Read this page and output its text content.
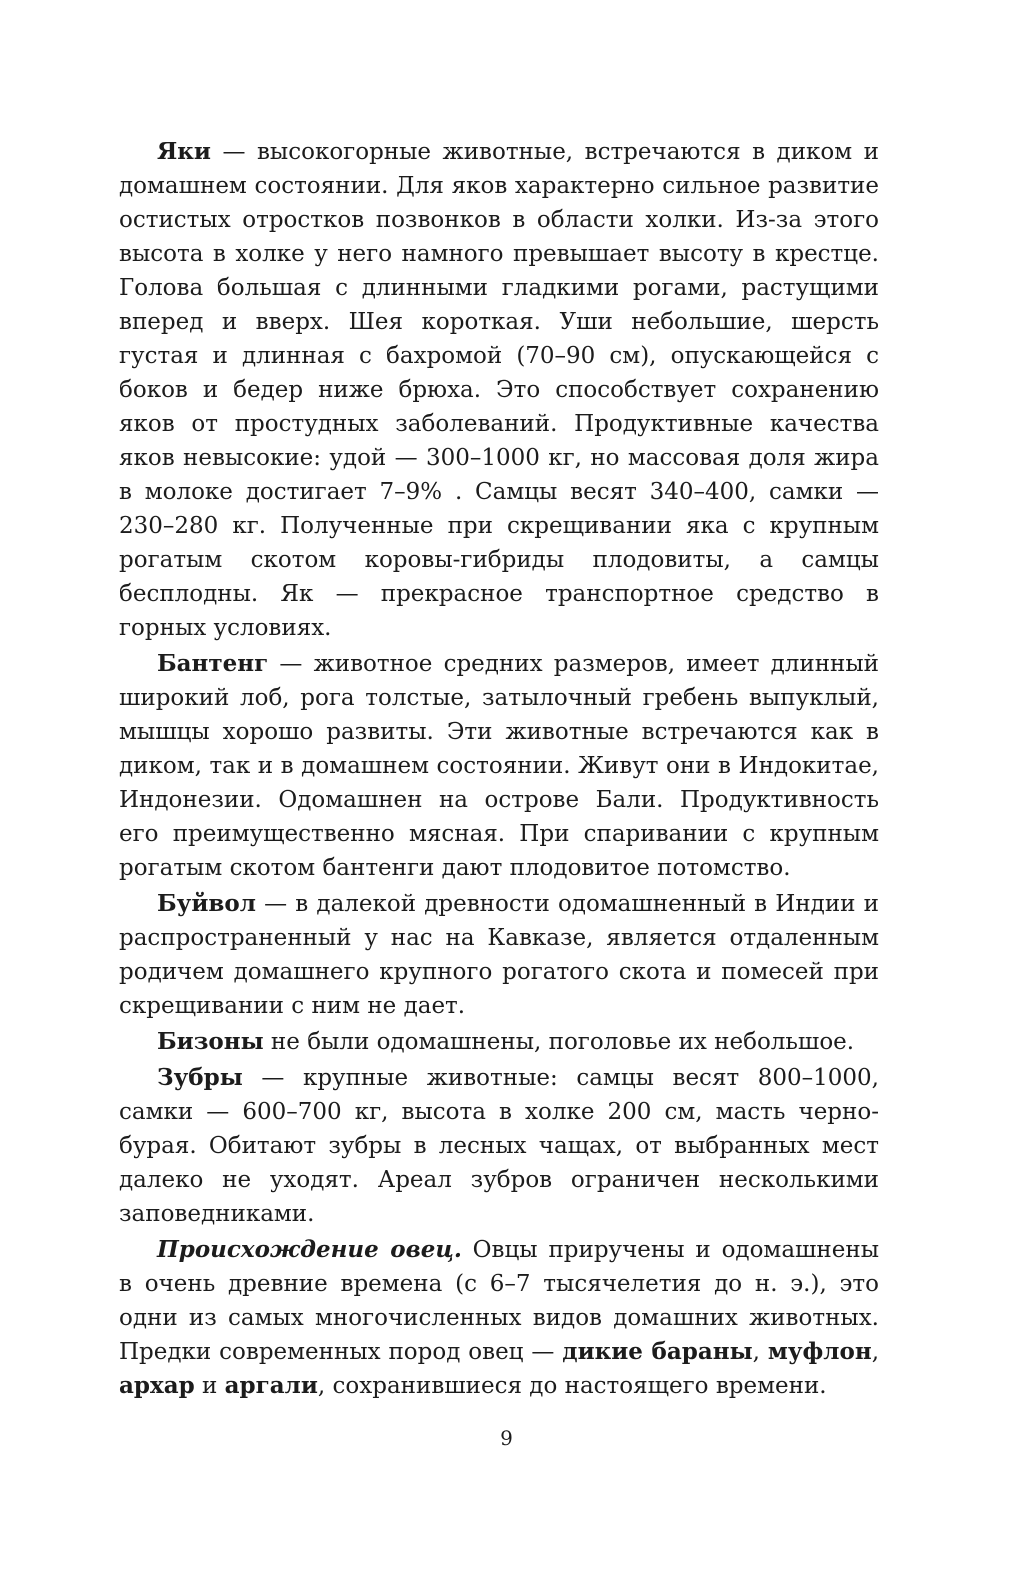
Яки — высокогорные животные, встречаются в диком и домашнем состоянии. Для яков характерно сильное развитие остистых отростков позвонков в области холки. Из-за этого высота в холке у него намного превышает высоту в крестце. Голова большая с длинными гладкими рогами, растущими вперед и вверх. Шея короткая. Уши небольшие, шерсть густая и длинная с бахромой (70–90 см), опускающейся с боков и бедер ниже брюха. Это способствует сохранению яков от простудных заболеваний. Продуктивные качества яков невысокие: удой — 300–1000 кг, но массовая доля жира в молоке достигает 7–9% . Самцы весят 340–400, самки — 230–280 кг. Полученные при скрещивании яка с крупным рогатым скотом коровы-гибриды плодовиты, а самцы бесплодны. Як — прекрасное транспортное средство в горных условиях.

Бантенг — животное средних размеров, имеет длинный широкий лоб, рога толстые, затылочный гребень выпуклый, мышцы хорошо развиты. Эти животные встречаются как в диком, так и в домашнем состоянии. Живут они в Индокитае, Индонезии. Одомашнен на острове Бали. Продуктивность его преимущественно мясная. При спаривании с крупным рогатым скотом бантенги дают плодовитое потомство.

Буйвол — в далекой древности одомашненный в Индии и распространенный у нас на Кавказе, является отдаленным родичем домашнего крупного рогатого скота и помесей при скрещивании с ним не дает.

Бизоны не были одомашнены, поголовье их небольшое.

Зубры — крупные животные: самцы весят 800–1000, самки — 600–700 кг, высота в холке 200 см, масть чернобурая. Обитают зубры в лесных чащах, от выбранных мест далеко не уходят. Ареал зубров ограничен несколькими заповедниками.

Происхождение овец. Овцы приручены и одомашнены в очень древние времена (с 6–7 тысячелетия до н. э.), это одни из самых многочисленных видов домашних животных. Предки современных пород овец — дикие бараны, муфлон, архар и аргали, сохранившиеся до настоящего времени.

9
